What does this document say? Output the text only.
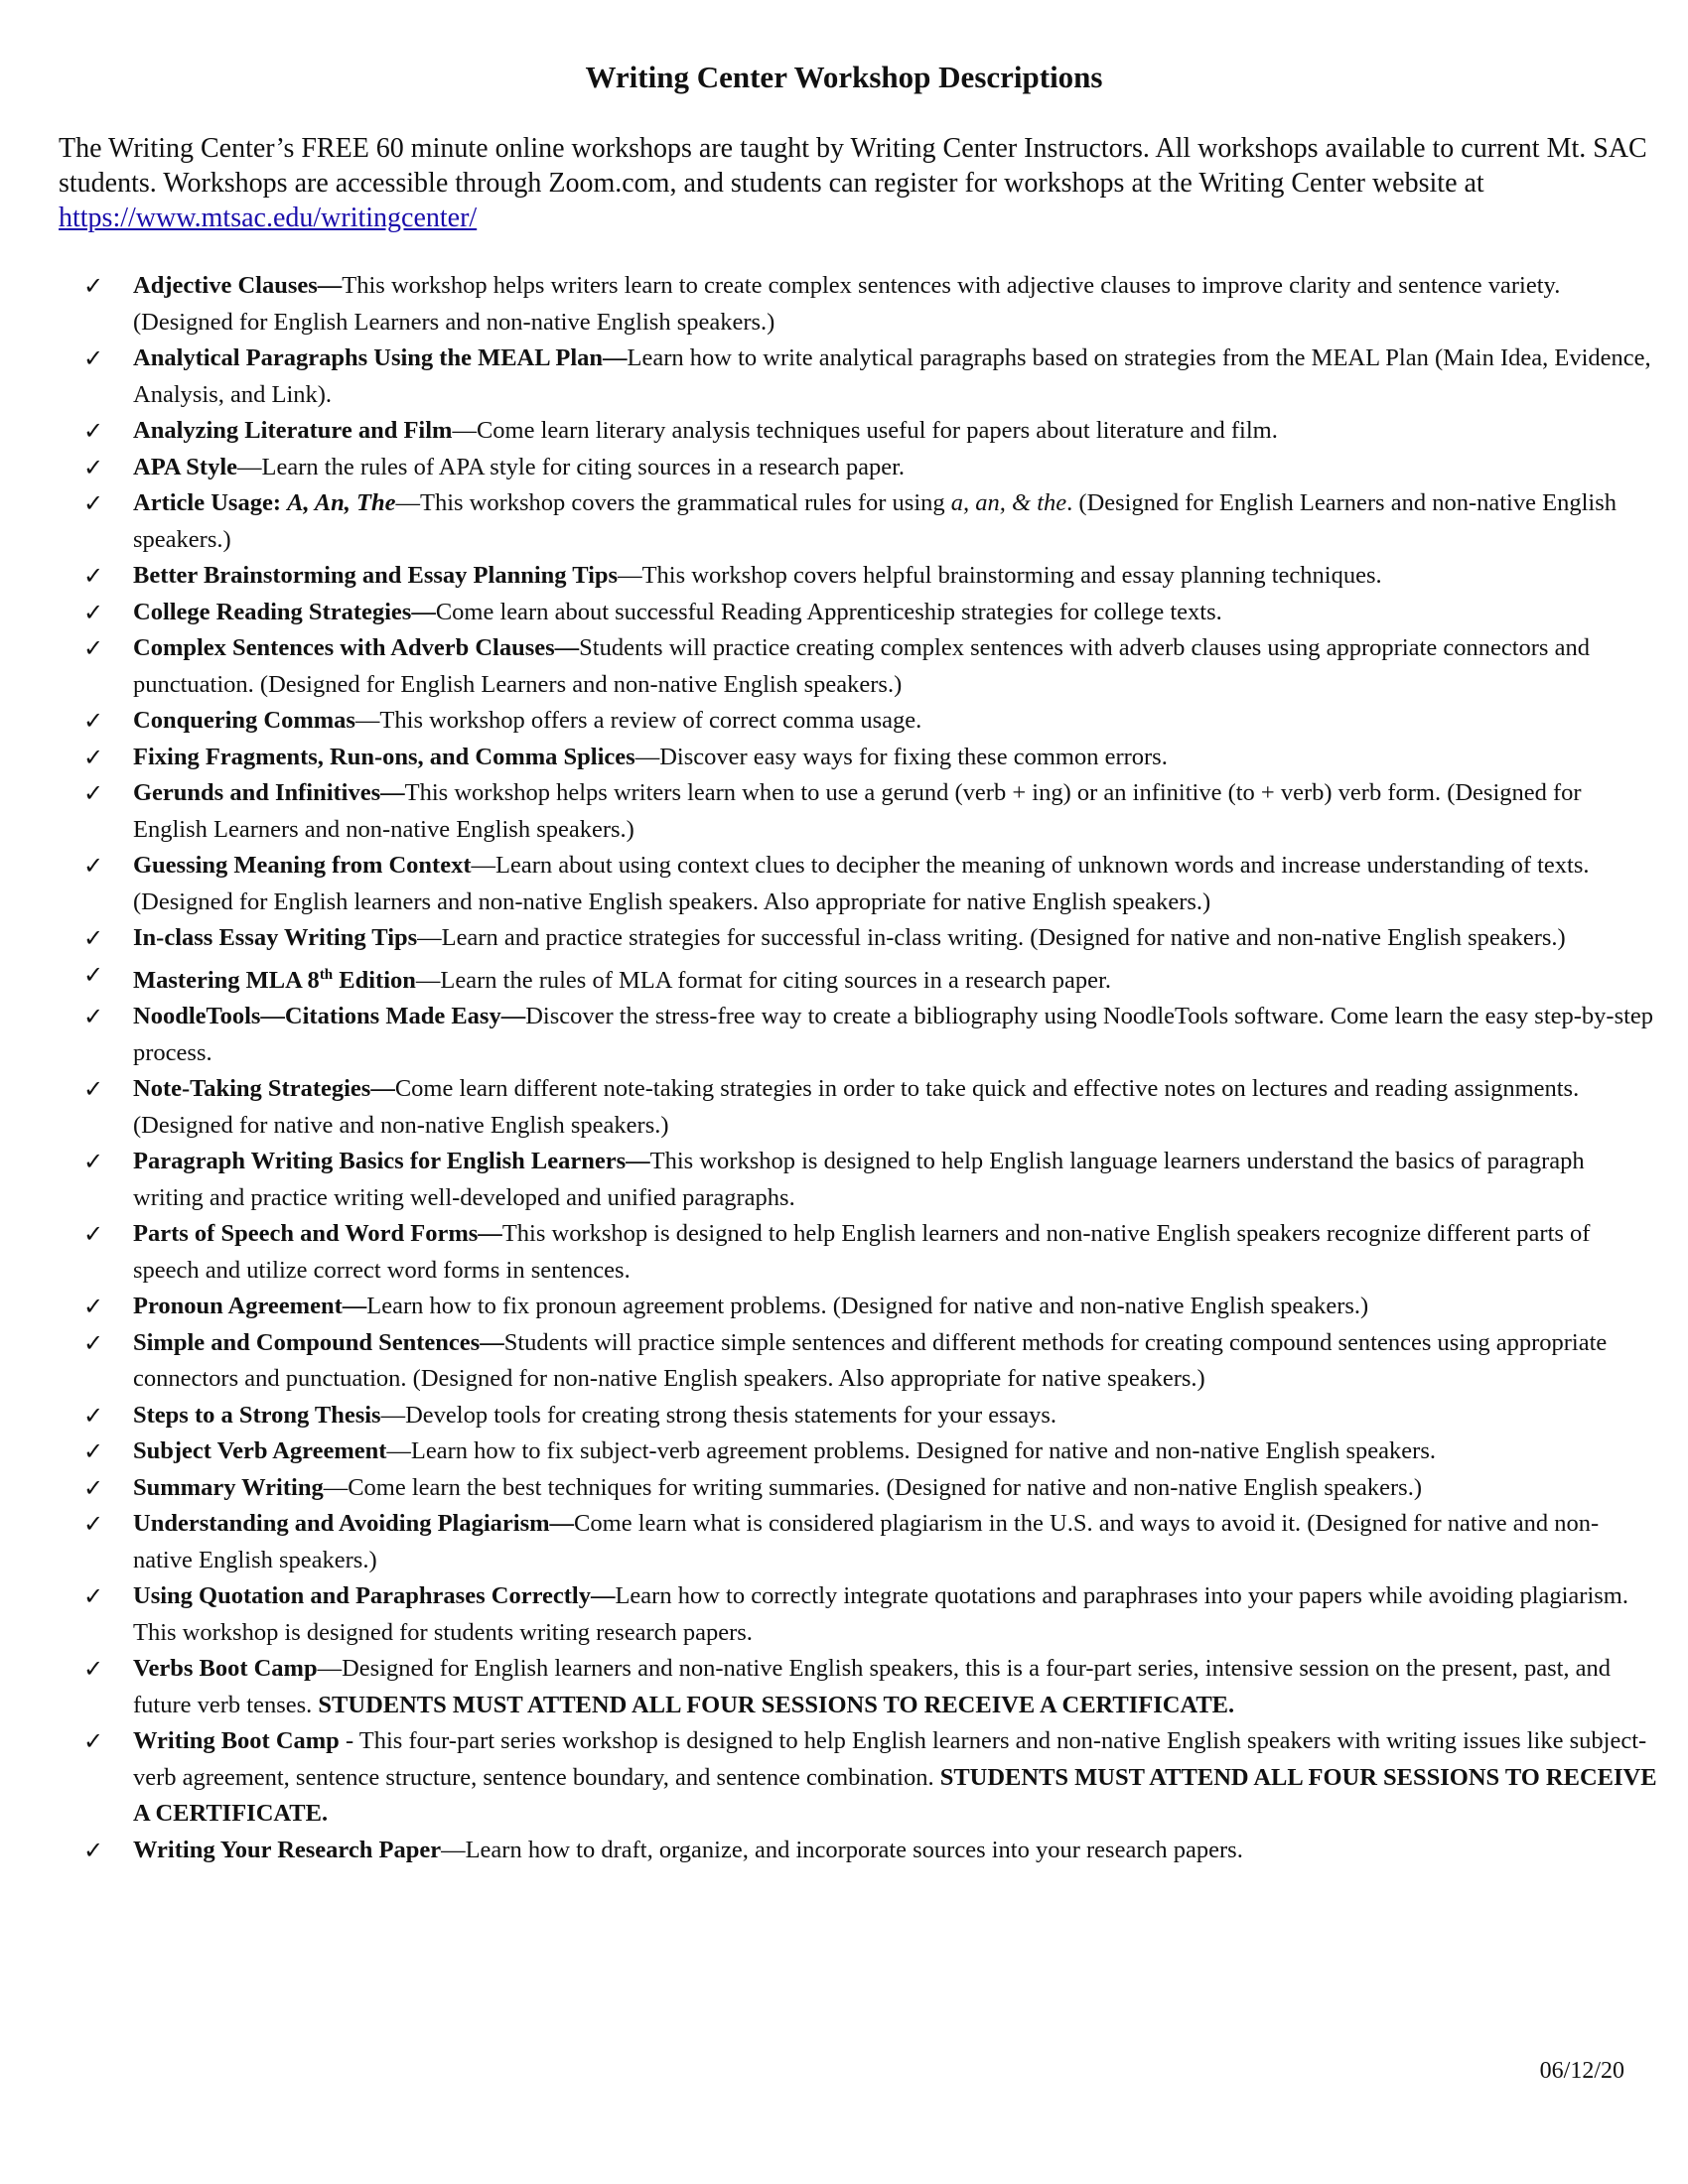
Writing Center Workshop Descriptions
The Writing Center’s FREE 60 minute online workshops are taught by Writing Center Instructors. All workshops available to current Mt. SAC students. Workshops are accessible through Zoom.com, and students can register for workshops at the Writing Center website at https://www.mtsac.edu/writingcenter/
✓ Adjective Clauses—This workshop helps writers learn to create complex sentences with adjective clauses to improve clarity and sentence variety. (Designed for English Learners and non-native English speakers.)
✓ Analytical Paragraphs Using the MEAL Plan—Learn how to write analytical paragraphs based on strategies from the MEAL Plan (Main Idea, Evidence, Analysis, and Link).
✓ Analyzing Literature and Film—Come learn literary analysis techniques useful for papers about literature and film.
✓ APA Style—Learn the rules of APA style for citing sources in a research paper.
✓ Article Usage: A, An, The—This workshop covers the grammatical rules for using a, an, & the. (Designed for English Learners and non-native English speakers.)
✓ Better Brainstorming and Essay Planning Tips—This workshop covers helpful brainstorming and essay planning techniques.
✓ College Reading Strategies—Come learn about successful Reading Apprenticeship strategies for college texts.
✓ Complex Sentences with Adverb Clauses—Students will practice creating complex sentences with adverb clauses using appropriate connectors and punctuation. (Designed for English Learners and non-native English speakers.)
✓ Conquering Commas—This workshop offers a review of correct comma usage.
✓ Fixing Fragments, Run-ons, and Comma Splices—Discover easy ways for fixing these common errors.
✓ Gerunds and Infinitives—This workshop helps writers learn when to use a gerund (verb + ing) or an infinitive (to + verb) verb form. (Designed for English Learners and non-native English speakers.)
✓ Guessing Meaning from Context—Learn about using context clues to decipher the meaning of unknown words and increase understanding of texts. (Designed for English learners and non-native English speakers. Also appropriate for native English speakers.)
✓ In-class Essay Writing Tips—Learn and practice strategies for successful in-class writing. (Designed for native and non-native English speakers.)
✓ Mastering MLA 8th Edition—Learn the rules of MLA format for citing sources in a research paper.
✓ NoodleTools—Citations Made Easy—Discover the stress-free way to create a bibliography using NoodleTools software. Come learn the easy step-by-step process.
✓ Note-Taking Strategies—Come learn different note-taking strategies in order to take quick and effective notes on lectures and reading assignments. (Designed for native and non-native English speakers.)
✓ Paragraph Writing Basics for English Learners—This workshop is designed to help English language learners understand the basics of paragraph writing and practice writing well-developed and unified paragraphs.
✓ Parts of Speech and Word Forms—This workshop is designed to help English learners and non-native English speakers recognize different parts of speech and utilize correct word forms in sentences.
✓ Pronoun Agreement—Learn how to fix pronoun agreement problems. (Designed for native and non-native English speakers.)
✓ Simple and Compound Sentences—Students will practice simple sentences and different methods for creating compound sentences using appropriate connectors and punctuation. (Designed for non-native English speakers. Also appropriate for native speakers.)
✓ Steps to a Strong Thesis—Develop tools for creating strong thesis statements for your essays.
✓ Subject Verb Agreement—Learn how to fix subject-verb agreement problems. Designed for native and non-native English speakers.
✓ Summary Writing—Come learn the best techniques for writing summaries. (Designed for native and non-native English speakers.)
✓ Understanding and Avoiding Plagiarism—Come learn what is considered plagiarism in the U.S. and ways to avoid it. (Designed for native and non-native English speakers.)
✓ Using Quotation and Paraphrases Correctly—Learn how to correctly integrate quotations and paraphrases into your papers while avoiding plagiarism. This workshop is designed for students writing research papers.
✓ Verbs Boot Camp—Designed for English learners and non-native English speakers, this is a four-part series, intensive session on the present, past, and future verb tenses. STUDENTS MUST ATTEND ALL FOUR SESSIONS TO RECEIVE A CERTIFICATE.
✓ Writing Boot Camp - This four-part series workshop is designed to help English learners and non-native English speakers with writing issues like subject-verb agreement, sentence structure, sentence boundary, and sentence combination. STUDENTS MUST ATTEND ALL FOUR SESSIONS TO RECEIVE A CERTIFICATE.
✓ Writing Your Research Paper—Learn how to draft, organize, and incorporate sources into your research papers.
06/12/20
